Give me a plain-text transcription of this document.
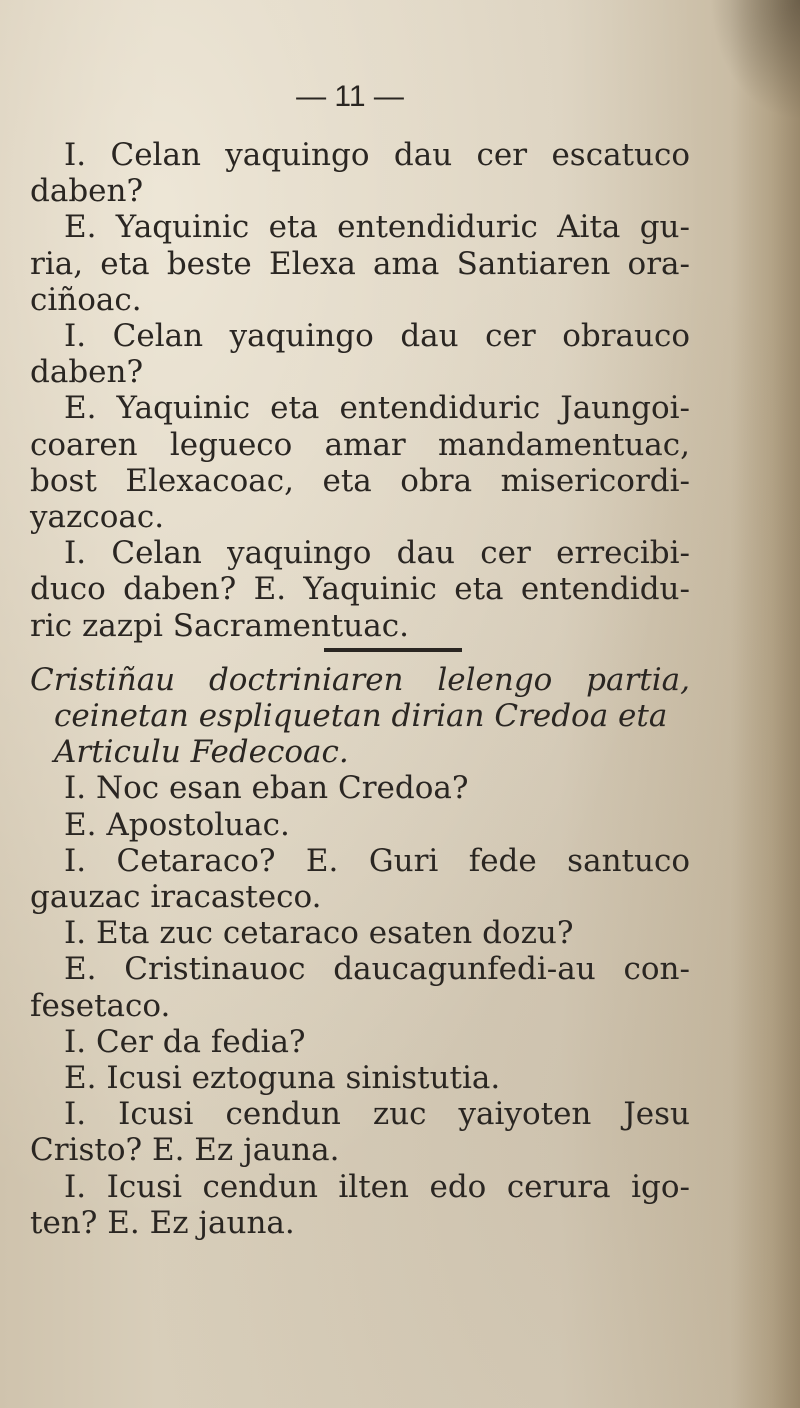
— 11 —
I. Celan yaquingo dau cer escatuco
daben?
E. Yaquinic eta entendiduric Aita gu-
ria, eta beste Elexa ama Santiaren ora-
ciñoac.
I. Celan yaquingo dau cer obrauco
daben?
E. Yaquinic eta entendiduric Jaungoi-
coaren legueco amar mandamentuac,
bost Elexacoac, eta obra misericordi-
yazcoac.
I. Celan yaquingo dau cer errecibi-
duco daben? E. Yaquinic eta entendidu-
ric zazpi Sacramentuac.
Cristiñau doctriniaren lelengo partia,
ceinetan espliquetan dirian Credoa eta
Articulu Fedecoac.
I. Noc esan eban Credoa?
E. Apostoluac.
I. Cetaraco? E. Guri fede santuco
gauzac iracasteco.
I. Eta zuc cetaraco esaten dozu?
E. Cristinauoc daucagunfedi-au con-
fesetaco.
I. Cer da fedia?
E. Icusi eztoguna sinistutia.
I. Icusi cendun zuc yaiyoten Jesu
Cristo? E. Ez jauna.
I. Icusi cendun ilten edo cerura igo-
ten? E. Ez jauna.
